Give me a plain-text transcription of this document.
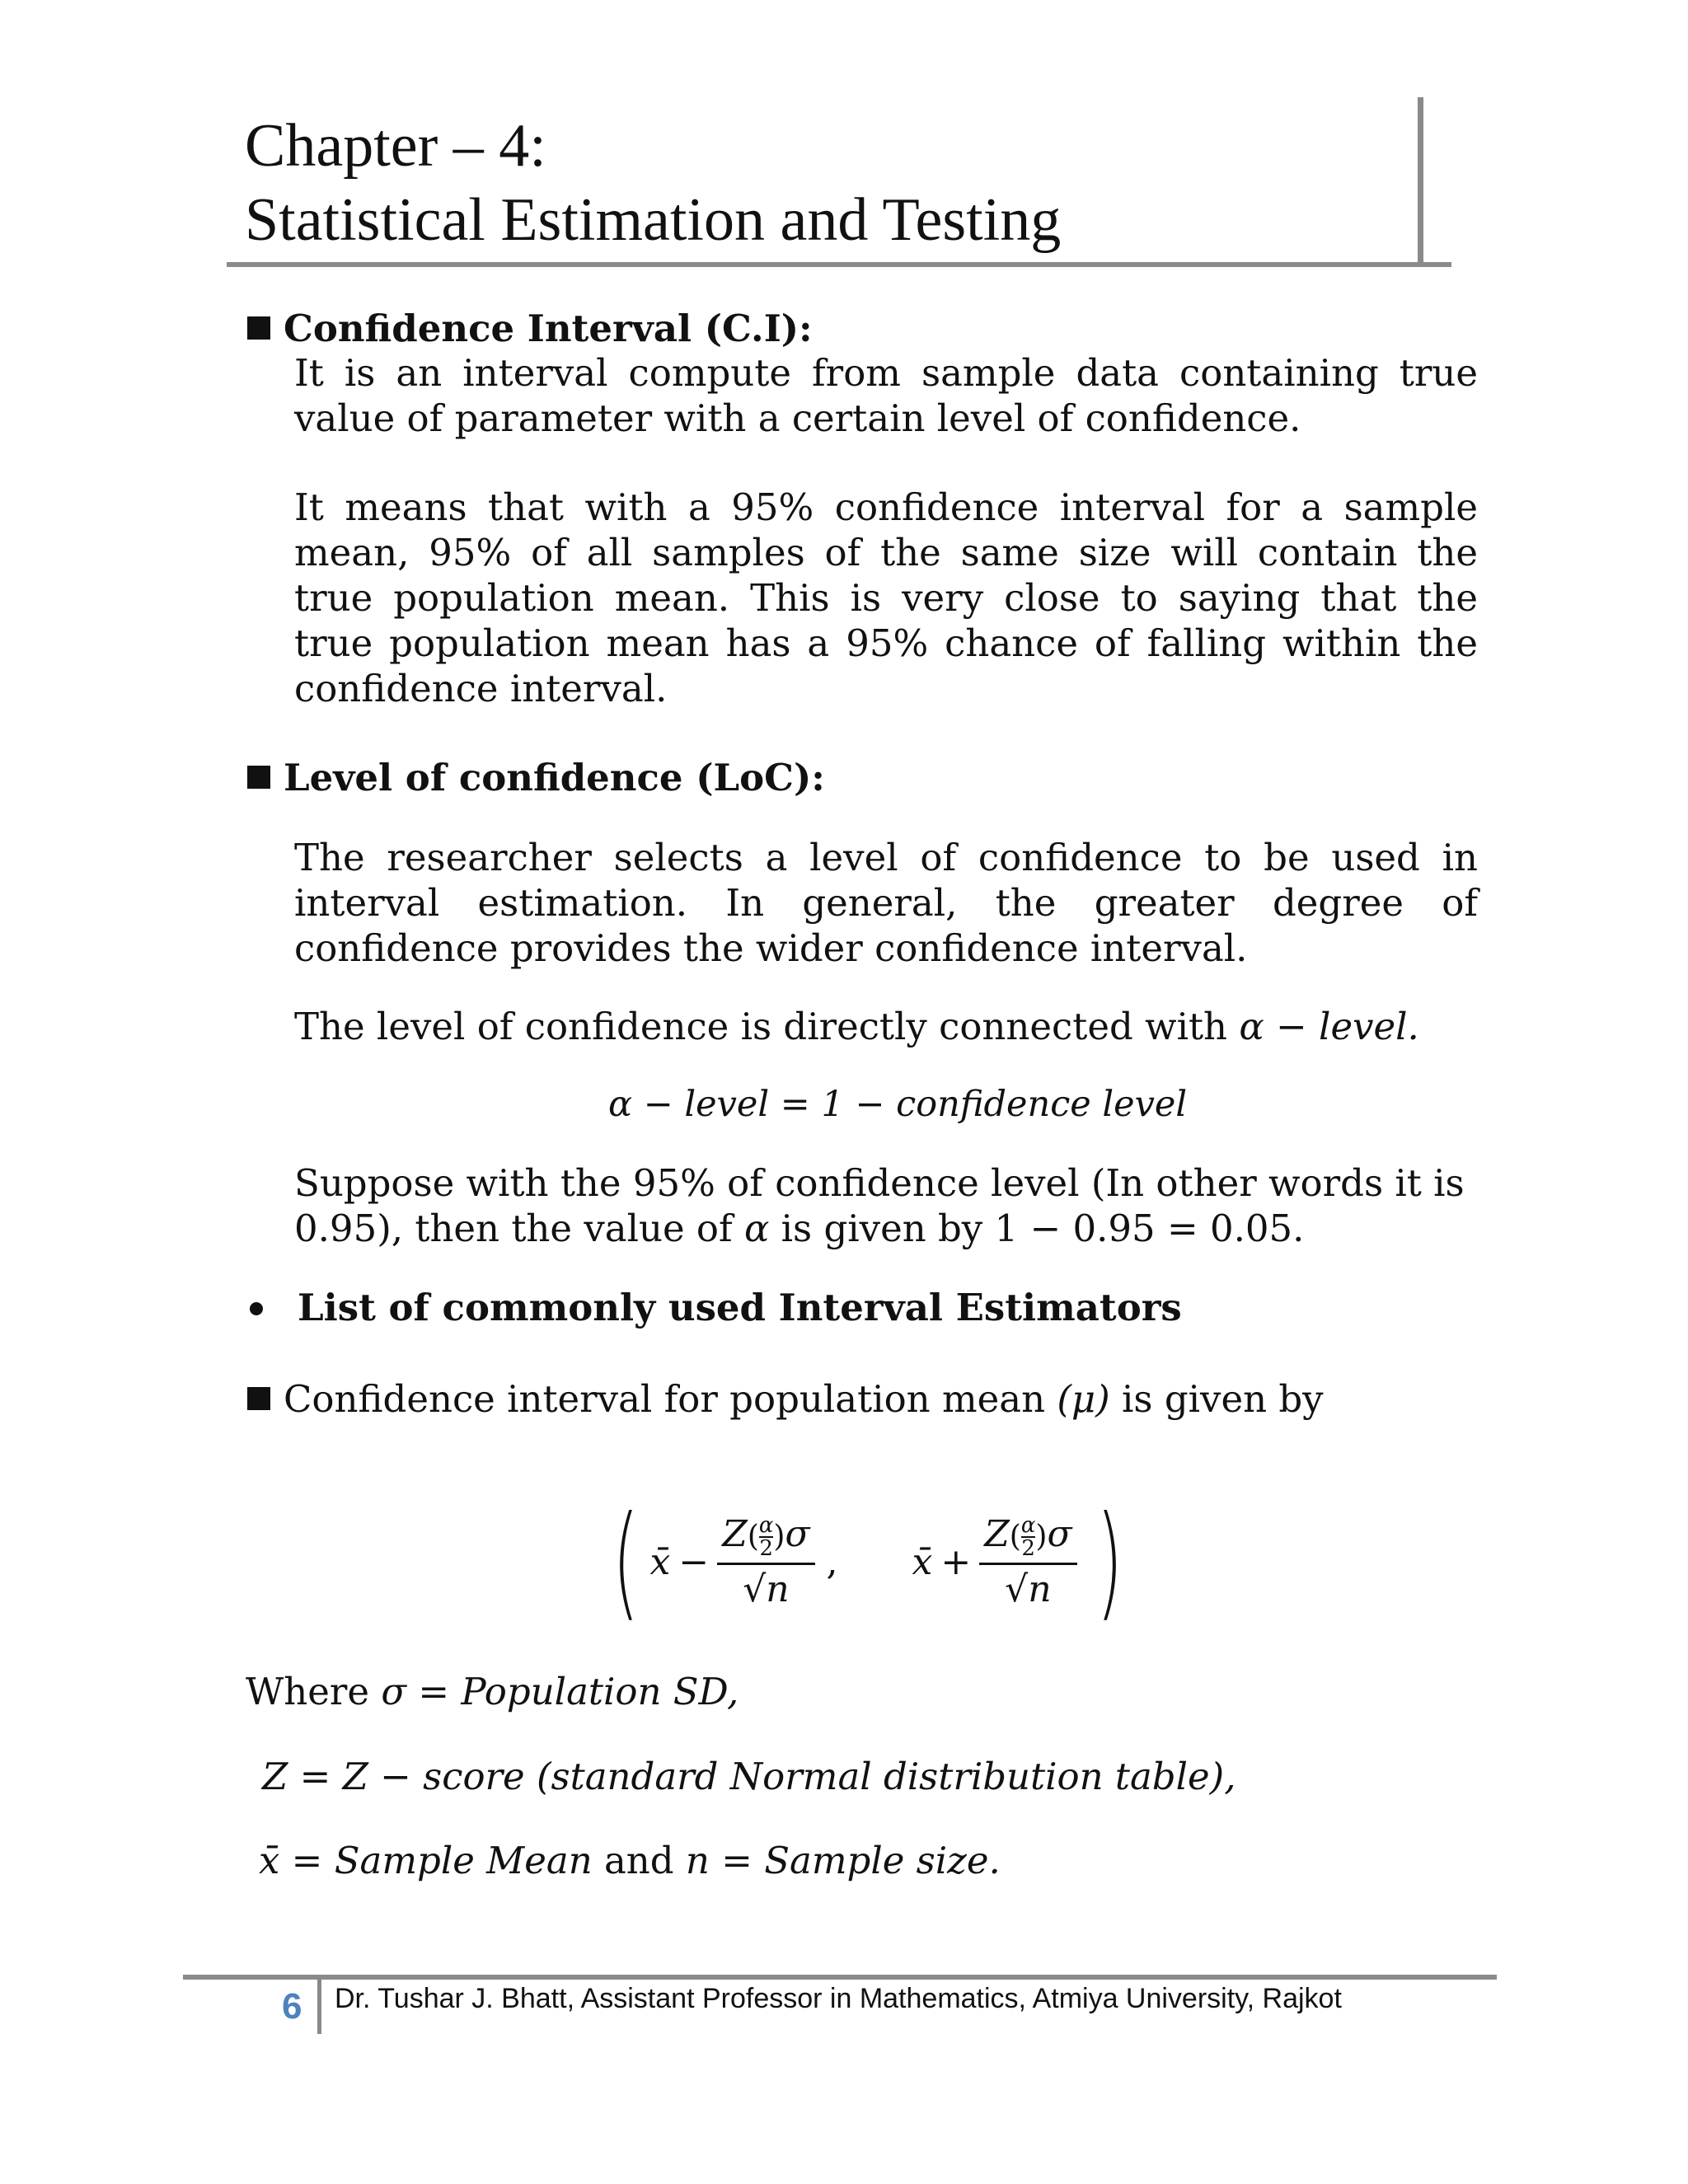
Chapter – 4:
Statistical Estimation and Testing
Confidence Interval (C.I):
It is an interval compute from sample data containing true value of parameter with a certain level of confidence.
It means that with a 95% confidence interval for a sample mean, 95% of all samples of the same size will contain the true population mean. This is very close to saying that the true population mean has a 95% chance of falling within the confidence interval.
Level of confidence (LoC):
The researcher selects a level of confidence to be used in interval estimation. In general, the greater degree of confidence provides the wider confidence interval.
The level of confidence is directly connected with α − level.
α − level = 1 − confidence level
Suppose with the 95% of confidence level (In other words it is
0.95), then the value of α is given by 1 − 0.95 = 0.05.
List of commonly used Interval Estimators
Confidence interval for population mean (μ) is given by
( x̄ − $\frac{Z( \frac{\alpha}{2} )\sigma}{√n}$ , x̄ + $\frac{Z( \frac{\alpha}{2} )\sigma}{√n}$ )
Where σ = Population SD,
Z = Z − score (standard Normal distribution table),
x̄ = Sample Mean and n = Sample size.
6 Dr. Tushar J. Bhatt, Assistant Professor in Mathematics, Atmiya University, Rajkot
